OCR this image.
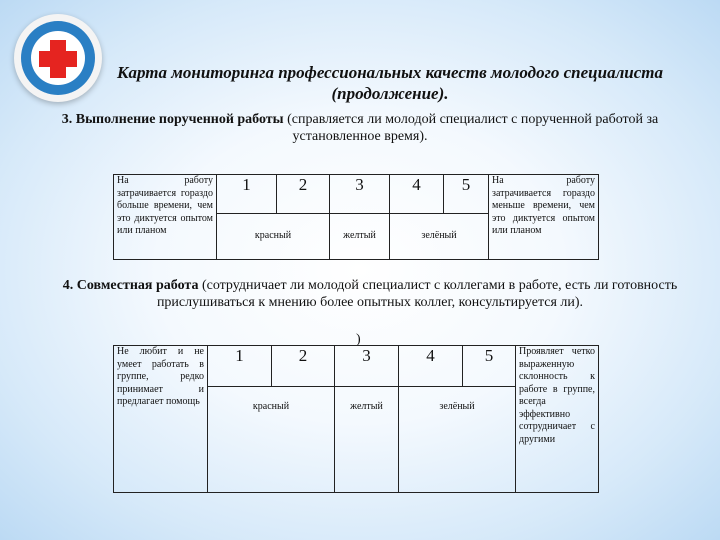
Карта мониторинга профессиональных качеств молодого специалиста (продолжение).
3. Выполнение порученной работы (справляется ли молодой специалист с порученной работой за установленное время).
На работу затрачивается гораздо больше времени, чем это диктуется опытом или планом	1	2	3	4	5	На работу затрачивается гораздо меньше времени, чем это диктуется опытом или планом
	красный		желтый	зелёный		
4. Совместная работа (сотрудничает ли молодой специалист с коллегами в работе, есть ли готовность прислушиваться к мнению более опытных коллег, консультируется ли).
)
Не любит и не умеет работать в группе, редко принимает и предлагает помощь	1	2	3	4	5	Проявляет четко выраженную склонность к работе в группе, всегда эффективно сотрудничает с другими
	красный		желтый	зелёный		
